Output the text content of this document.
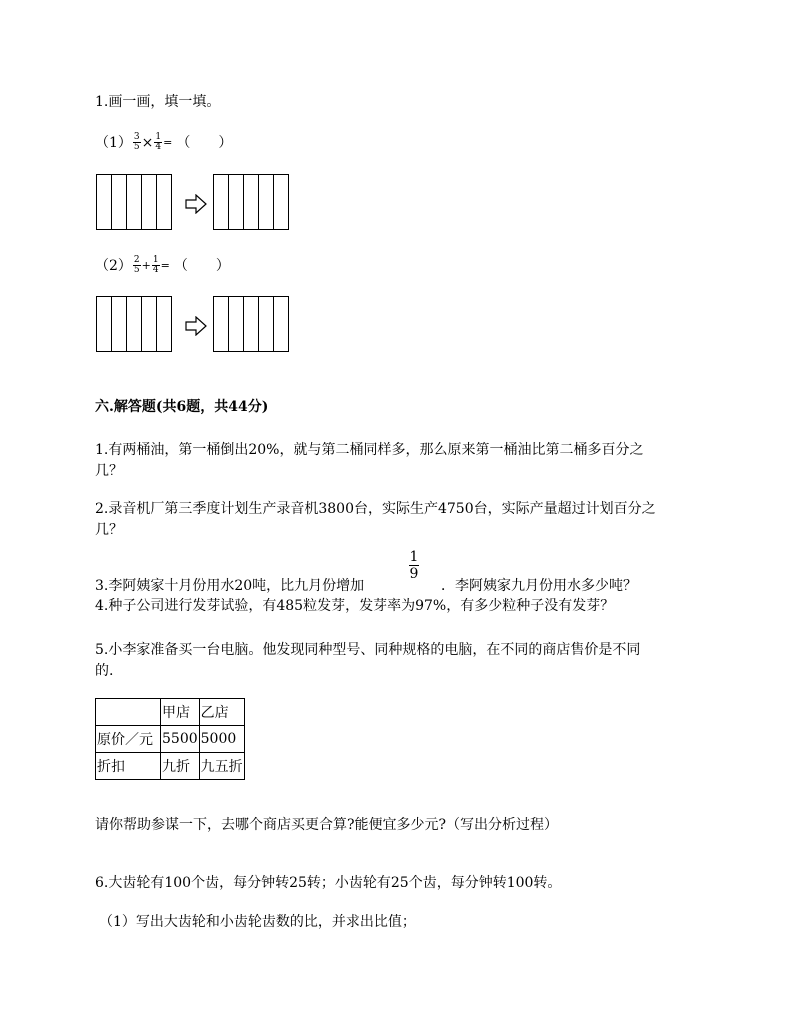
1.画一画，填一填。
$(1) \frac{3}{5} \times \frac{1}{4}$ = （　　）
$(2) \frac{2}{5} + \frac{1}{4}$ = （　　）
六.解答题(共6题，共44分)
1.有两桶油，第一桶倒出20%，就与第二桶同样多，那么原来第一桶油比第二桶多百分之
几？
2.录音机厂第三季度计划生产录音机3800台，实际生产4750台，实际产量超过计划百分之
几？
3.李阿姨家十月份用水20吨，比九月份增加
$\frac{1}{9}$
．李阿姨家九月份用水多少吨？
4.种子公司进行发芽试验，有485粒发芽，发芽率为97%，有多少粒种子没有发芽？
5.小李家准备买一台电脑。他发现同种型号、同种规格的电脑，在不同的商店售价是不同
的.
	甲店	乙店
原价／元	5500	5000
折扣	九折	九五折
请你帮助参谋一下，去哪个商店买更合算?能便宜多少元?（写出分析过程）
6.大齿轮有100个齿，每分钟转25转；小齿轮有25个齿，每分钟转100转。
（1）写出大齿轮和小齿轮齿数的比，并求出比值；
